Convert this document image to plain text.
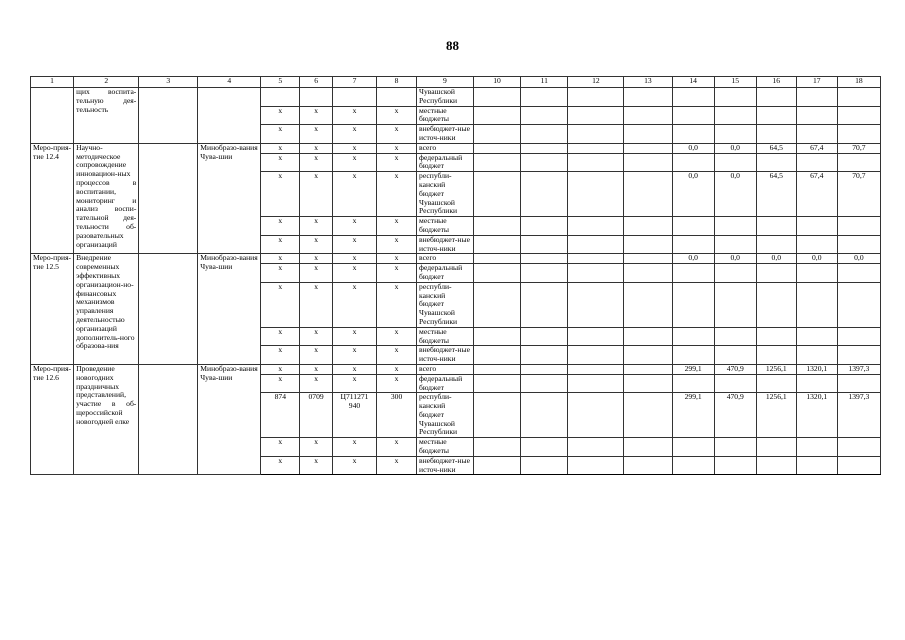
88
1	2	3	4	5	6	7	8	9	10	11	12	13	14	15	16	17	18
	щих воспита-тельную дея-тельность							Чувашской Республики									
				х	х	х	х	местные бюджеты									
				х	х	х	х	внебюджет-ные источ-ники									
Меро-прия-тие 12.4	Научно-методическое сопровождение инновацион-ных процессов в воспитании, мониторинг и анализ воспи-тательной дея-тельности об-разовательных организаций		Минобразо-вания Чува-шии	х	х	х	х	всего					0,0	0,0	64,5	67,4	70,7
				х	х	х	х	федеральный бюджет									
				х	х	х	х	республи-канский бюджет Чувашской Республики					0,0	0,0	64,5	67,4	70,7
				х	х	х	х	местные бюджеты									
				х	х	х	х	внебюджет-ные источ-ники									
Меро-прия-тие 12.5	Внедрение современных эффективных организацион-но-финансовых механизмов управления деятельностью организаций дополнитель-ного образова-ния		Минобразо-вания Чува-шии	х	х	х	х	всего					0,0	0,0	0,0	0,0	0,0
				х	х	х	х	федеральный бюджет									
				х	х	х	х	республи-канский бюджет Чувашской Республики									
				х	х	х	х	местные бюджеты									
				х	х	х	х	внебюджет-ные источ-ники									
Меро-прия-тие 12.6	Проведение новогодних праздничных представлений, участие в об-щероссийской новогодней елке		Минобразо-вания Чува-шии	х	х	х	х	всего					299,1	470,9	1256,1	1320,1	1397,3
				х	х	х	х	федеральный бюджет									
				874	0709	Ц711271 940	300	республи-канский бюджет Чувашской Республики					299,1	470,9	1256,1	1320,1	1397,3
				х	х	х	х	местные бюджеты									
				х	х	х	х	внебюджет-ные источ-ники									
